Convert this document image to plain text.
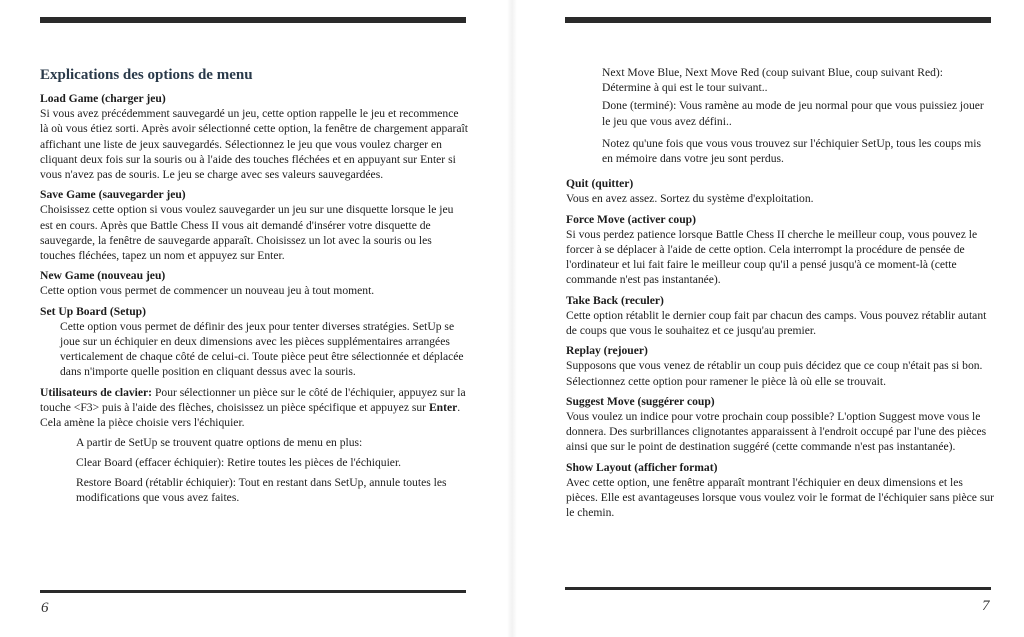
Explications des options de menu
Load Game (charger jeu)
Si vous avez précédemment sauvegardé un jeu, cette option rappelle le jeu et recommence là où vous étiez sorti. Après avoir sélectionné cette option, la fenêtre de chargement apparaît affichant une liste de jeux sauvegardés. Sélectionnez le jeu que vous voulez charger en cliquant deux fois sur la souris ou à l'aide des touches fléchées et en appuyant sur Enter si vous n'avez pas de souris. Le jeu se charge avec ses valeurs sauvegardées.
Save Game (sauvegarder jeu)
Choisissez cette option si vous voulez sauvegarder un jeu sur une disquette lorsque le jeu est en cours. Après que Battle Chess II vous ait demandé d'insérer votre disquette de sauvegarde, la fenêtre de sauvegarde apparaît. Choisissez un lot avec la souris ou les touches fléchées, tapez un nom et appuyez sur Enter.
New Game (nouveau jeu)
Cette option vous permet de commencer un nouveau jeu à tout moment.
Set Up Board (Setup)
Cette option vous permet de définir des jeux pour tenter diverses stratégies. SetUp se joue sur un échiquier en deux dimensions avec les pièces supplémentaires arrangées verticalement de chaque côté de celui-ci. Toute pièce peut être sélectionnée et déplacée dans n'importe quelle position en cliquant dessus avec la souris.
Utilisateurs de clavier: Pour sélectionner un pièce sur le côté de l'échiquier, appuyez sur la touche <F3> puis à l'aide des flèches, choisissez un pièce spécifique et appuyez sur Enter. Cela amène la pièce choisie vers l'échiquier.
A partir de SetUp se trouvent quatre options de menu en plus:
Clear Board (effacer échiquier): Retire toutes les pièces de l'échiquier.
Restore Board (rétablir échiquier): Tout en restant dans SetUp, annule toutes les modifications que vous avez faites.
6
Next Move Blue, Next Move Red (coup suivant Blue, coup suivant Red): Détermine à qui est le tour suivant..
Done (terminé): Vous ramène au mode de jeu normal pour que vous puissiez jouer le jeu que vous avez défini..
Notez qu'une fois que vous vous trouvez sur l'échiquier SetUp, tous les coups mis en mémoire dans votre jeu sont perdus.
Quit (quitter)
Vous en avez assez. Sortez du système d'exploitation.
Force Move (activer coup)
Si vous perdez patience lorsque Battle Chess II cherche le meilleur coup, vous pouvez le forcer à se déplacer à l'aide de cette option. Cela interrompt la procédure de pensée de l'ordinateur et lui fait faire le meilleur coup qu'il a pensé jusqu'à ce moment-là (cette commande n'est pas instantanée).
Take Back (reculer)
Cette option rétablit le dernier coup fait par chacun des camps. Vous pouvez rétablir autant de coups que vous le souhaitez et ce jusqu'au premier.
Replay (rejouer)
Supposons que vous venez de rétablir un coup puis décidez que ce coup n'était pas si bon. Sélectionnez cette option pour ramener le pièce là où elle se trouvait.
Suggest Move (suggérer coup)
Vous voulez un indice pour votre prochain coup possible? L'option Suggest move vous le donnera. Des surbrillances clignotantes apparaissent à l'endroit occupé par l'une des pièces ainsi que sur le point de destination suggéré (cette commande n'est pas instantanée).
Show Layout (afficher format)
Avec cette option, une fenêtre apparaît montrant l'échiquier en deux dimensions et les pièces. Elle est avantageuses lorsque vous voulez voir le format de l'échiquier sans pièce sur le chemin.
7
